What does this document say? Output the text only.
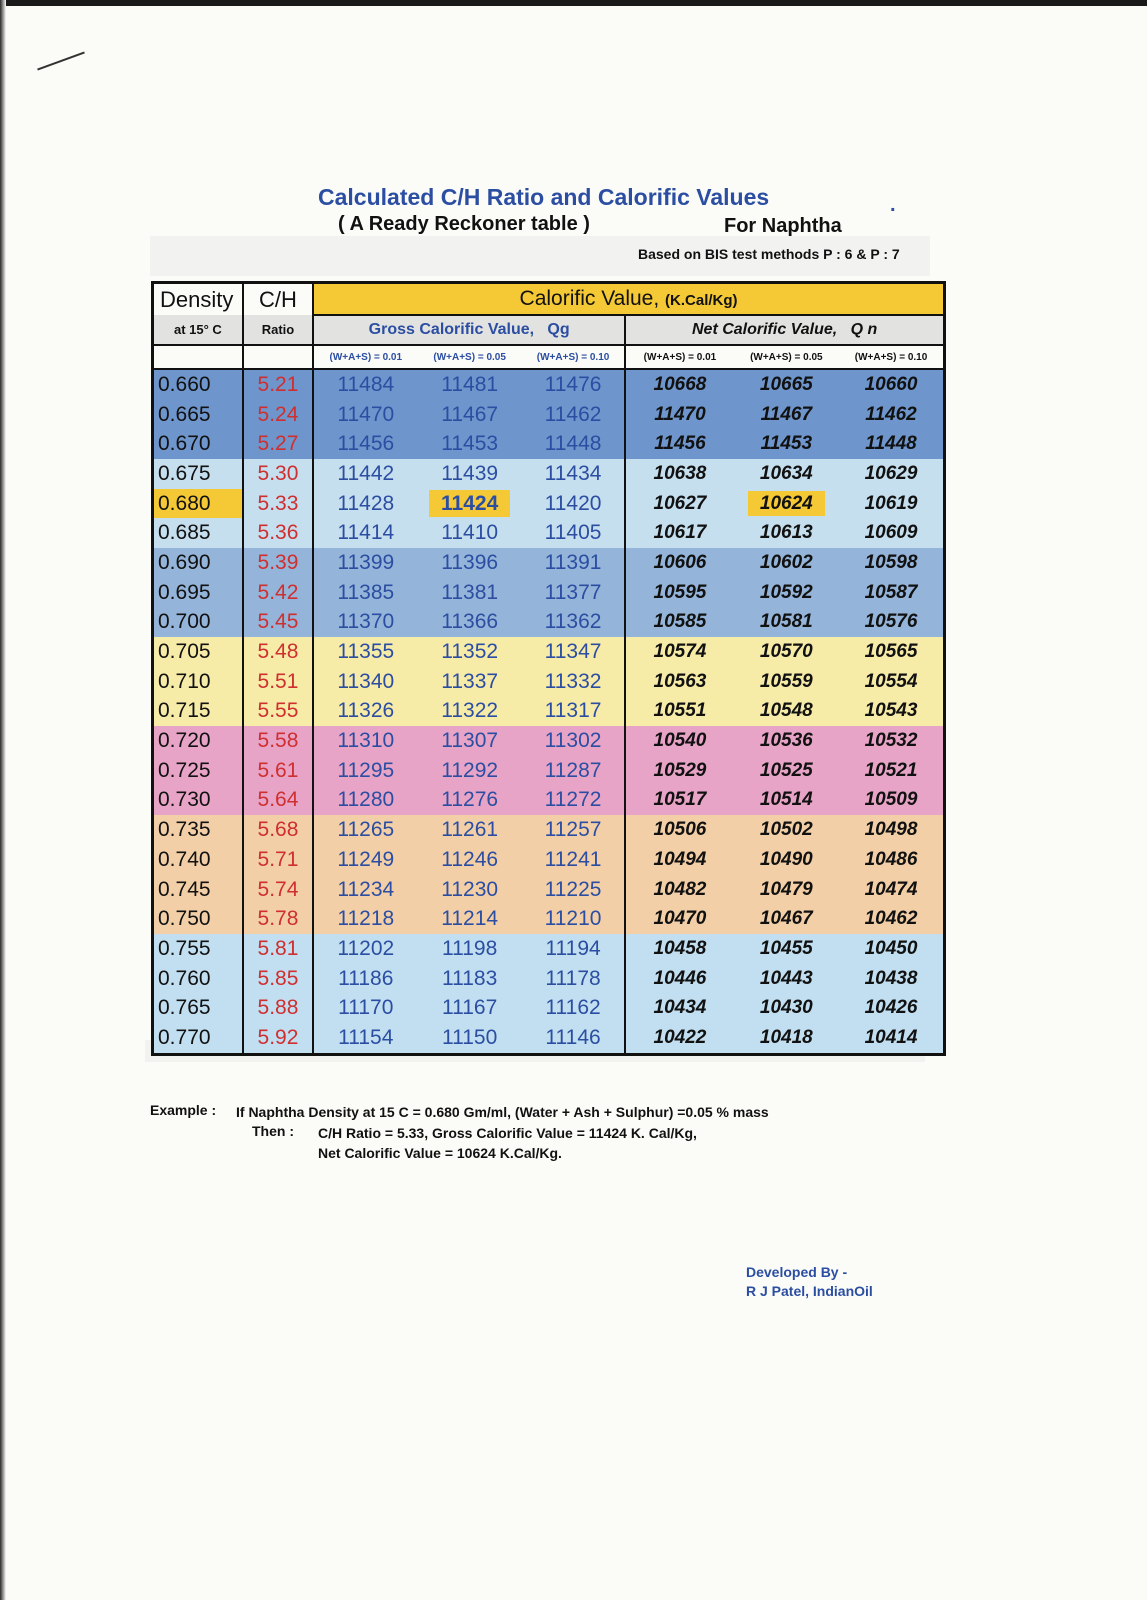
Calculated C/H Ratio and Calorific Values	.
( A Ready Reckoner table )	For Naphtha
Based on BIS test methods P : 6 & P : 7
Density	C/H	Calorific Value, (K.Cal/Kg)					
at 15° C	Ratio	Gross Calorific Value, Qg			Net Calorific Value, Q n		
		(W+A+S) = 0.01	(W+A+S) = 0.05	(W+A+S) = 0.10	(W+A+S) = 0.01	(W+A+S) = 0.05	(W+A+S) = 0.10
0.660	5.21	11484	11481	11476	10668	10665	10660
0.665	5.24	11470	11467	11462	11470	11467	11462
0.670	5.27	11456	11453	11448	11456	11453	11448
0.675	5.30	11442	11439	11434	10638	10634	10629
0.680	5.33	11428	11424	11420	10627	10624	10619
0.685	5.36	11414	11410	11405	10617	10613	10609
0.690	5.39	11399	11396	11391	10606	10602	10598
0.695	5.42	11385	11381	11377	10595	10592	10587
0.700	5.45	11370	11366	11362	10585	10581	10576
0.705	5.48	11355	11352	11347	10574	10570	10565
0.710	5.51	11340	11337	11332	10563	10559	10554
0.715	5.55	11326	11322	11317	10551	10548	10543
0.720	5.58	11310	11307	11302	10540	10536	10532
0.725	5.61	11295	11292	11287	10529	10525	10521
0.730	5.64	11280	11276	11272	10517	10514	10509
0.735	5.68	11265	11261	11257	10506	10502	10498
0.740	5.71	11249	11246	11241	10494	10490	10486
0.745	5.74	11234	11230	11225	10482	10479	10474
0.750	5.78	11218	11214	11210	10470	10467	10462
0.755	5.81	11202	11198	11194	10458	10455	10450
0.760	5.85	11186	11183	11178	10446	10443	10438
0.765	5.88	11170	11167	11162	10434	10430	10426
0.770	5.92	11154	11150	11146	10422	10418	10414
Example : If Naphtha Density at 15 C = 0.680 Gm/ml, (Water + Ash + Sulphur) =0.05 % mass
Then : C/H Ratio = 5.33, Gross Calorific Value = 11424 K. Cal/Kg,
Net Calorific Value = 10624 K.Cal/Kg.
Developed By -
R J Patel, IndianOil
